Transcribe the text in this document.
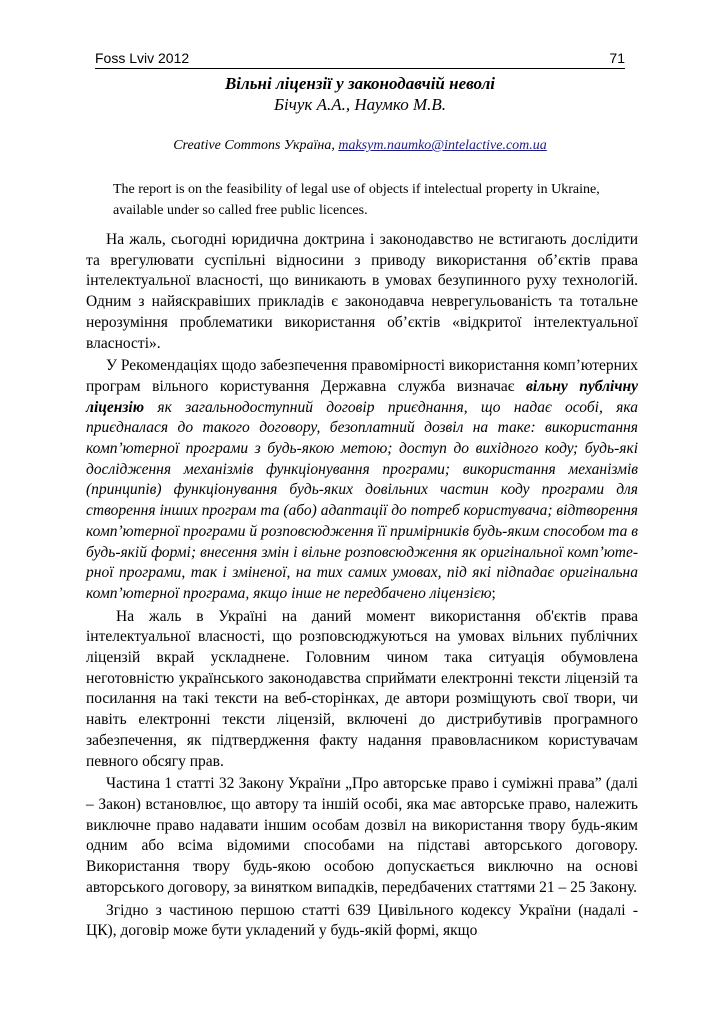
Foss Lviv 2012	71
Вільні ліцензії у законодавчій неволі
Бічук А.А., Наумко М.В.
Creative Commons Україна, maksym.naumko@intelactive.com.ua
The report is on the feasibility of legal use of objects if intelectual property in Ukraine, available under so called free public licences.

На жаль, сьогодні юридична доктрина і законодавство не встигають дослідити та врегулювати суспільні відносини з приводу використання об’єктів права інтелектуальної власності, що виникають в умовах безупинного руху технологій. Одним з найяскравіших прикладів є законодавча неврегульованість та тотальне нерозуміння проблематики використання об’єктів «відкритої інтелектуальної власності».

У Рекомендаціях щодо забезпечення правомірності використання комп’ютерних програм вільного користування Державна служба визначає вільну публічну ліцензію як загальнодоступний договір приєднання, що надає особі, яка приєдналася до такого договору, безоплатний дозвіл на таке: використання комп’ютерної програми з будь-якою метою; доступ до вихідного коду; будь-які дослідження механізмів функціонування програми; використання механізмів (принципів) функціонування будь-яких довільних частин коду програми для створення інших програм та (або) адаптації до потреб користувача; відтворення комп’ютерної програми й розповсюдження її примірників будь-яким способом та в будь-якій формі; внесення змін і вільне розповсюдження як оригінальної комп’ютерної програми, так і зміненої, на тих самих умовах, під які підпадає оригінальна комп’ютерної програма, якщо інше не передбачено ліцензією;

На жаль в Україні на даний момент використання об'єктів права інтелектуальної власності, що розповсюджуються на умовах вільних публічних ліцензій вкрай ускладнене. Головним чином така ситуація обумовлена неготовністю українського законодавства сприймати електронні тексти ліцензій та посилання на такі тексти на веб-сторінках, де автори розміщують свої твори, чи навіть електронні тексти ліцензій, включені до дистрибутивів програмного забезпечення, як підтвердження факту надання правовласником користувачам певного обсягу прав.

Частина 1 статті 32 Закону України „Про авторське право і суміжні права” (далі – Закон) встановлює, що автору та іншій особі, яка має авторське право, належить виключне право надавати іншим особам дозвіл на використання твору будь-яким одним або всіма відомими способами на підставі авторського договору. Використання твору будь-якою особою допускається виключно на основі авторського договору, за винятком випадків, передбачених статтями 21 – 25 Закону.

Згідно з частиною першою статті 639 Цивільного кодексу України (надалі - ЦК), договір може бути укладений у будь-якій формі, якщо
